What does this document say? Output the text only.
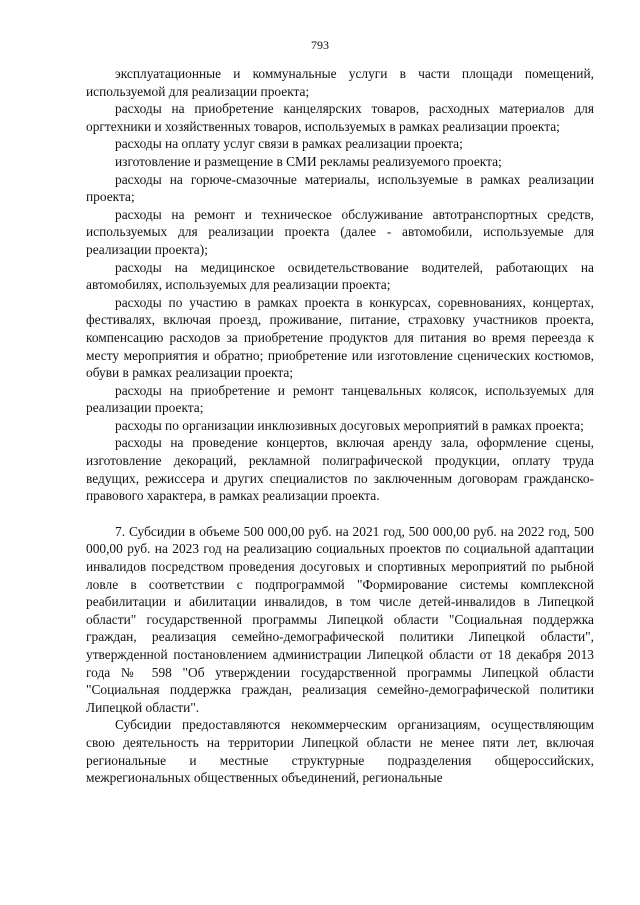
793

эксплуатационные и коммунальные услуги в части площади помещений, используемой для реализации проекта;

расходы на приобретение канцелярских товаров, расходных материалов для оргтехники и хозяйственных товаров, используемых в рамках реализации проекта;

расходы на оплату услуг связи в рамках реализации проекта;

изготовление и размещение в СМИ рекламы реализуемого проекта;

расходы на горюче-смазочные материалы, используемые в рамках реализации проекта;

расходы на ремонт и техническое обслуживание автотранспортных средств, используемых для реализации проекта (далее - автомобили, используемые для реализации проекта);

расходы на медицинское освидетельствование водителей, работающих на автомобилях, используемых для реализации проекта;

расходы по участию в рамках проекта в конкурсах, соревнованиях, концертах, фестивалях, включая проезд, проживание, питание, страховку участников проекта, компенсацию расходов за приобретение продуктов для питания во время переезда к месту мероприятия и обратно; приобретение или изготовление сценических костюмов, обуви в рамках реализации проекта;

расходы на приобретение и ремонт танцевальных колясок, используемых для реализации проекта;

расходы по организации инклюзивных досуговых мероприятий в рамках проекта;

расходы на проведение концертов, включая аренду зала, оформление сцены, изготовление декораций, рекламной полиграфической продукции, оплату труда ведущих, режиссера и других специалистов по заключенным договорам гражданско-правового характера, в рамках реализации проекта.

7. Субсидии в объеме 500 000,00 руб. на 2021 год, 500 000,00 руб. на 2022 год, 500 000,00 руб. на 2023 год на реализацию социальных проектов по социальной адаптации инвалидов посредством проведения досуговых и спортивных мероприятий по рыбной ловле в соответствии с подпрограммой "Формирование системы комплексной реабилитации и абилитации инвалидов, в том числе детей-инвалидов в Липецкой области" государственной программы Липецкой области "Социальная поддержка граждан, реализация семейно-демографической политики Липецкой области", утвержденной постановлением администрации Липецкой области от 18 декабря 2013 года № 598 "Об утверждении государственной программы Липецкой области "Социальная поддержка граждан, реализация семейно-демографической политики Липецкой области".

Субсидии предоставляются некоммерческим организациям, осуществляющим свою деятельность на территории Липецкой области не менее пяти лет, включая региональные и местные структурные подразделения общероссийских, межрегиональных общественных объединений, региональные
